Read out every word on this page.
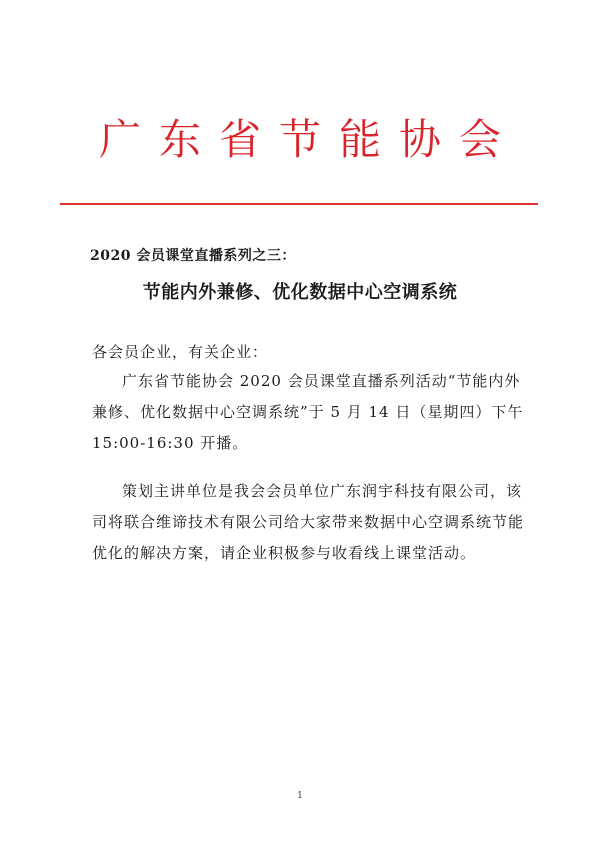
广东省节能协会
2020 会员课堂直播系列之三：
节能内外兼修、优化数据中心空调系统
各会员企业，有关企业：

广东省节能协会 2020 会员课堂直播系列活动“节能内外兼修、优化数据中心空调系统”于 5 月 14 日（星期四）下午 15:00-16:30 开播。

策划主讲单位是我会会员单位广东润宇科技有限公司，该司将联合维谛技术有限公司给大家带来数据中心空调系统节能优化的解决方案，请企业积极参与收看线上课堂活动。

1
